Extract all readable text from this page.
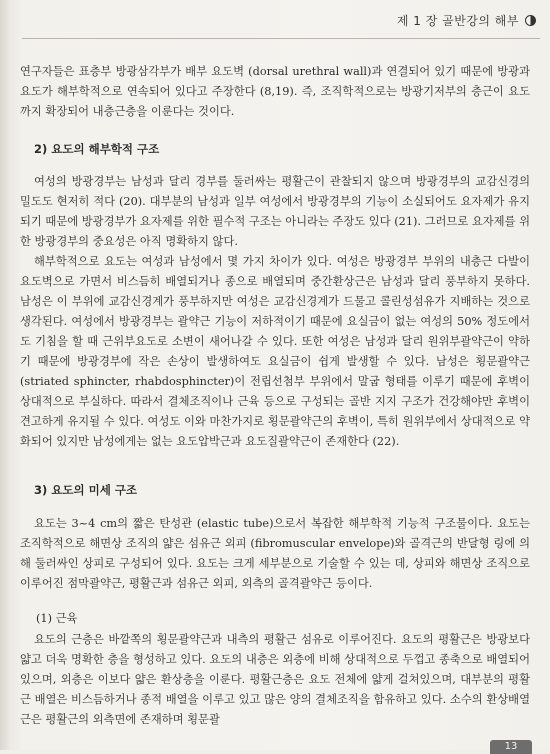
제 1 장 골반강의 해부

연구자들은 표층부 방광삼각부가 배부 요도벽 (dorsal urethral wall)과 연결되어 있기 때문에 방광과 요도가 해부학적으로 연속되어 있다고 주장한다 (8,19). 즉, 조직학적으로는 방광기저부의 층근이 요도까지 확장되어 내층근층을 이룬다는 것이다.

2) 요도의 해부학적 구조

여성의 방광경부는 남성과 달리 경부를 둘러싸는 평활근이 관찰되지 않으며 방광경부의 교감신경의 밀도도 현저히 적다 (20). 대부분의 남성과 일부 여성에서 방광경부의 기능이 소실되어도 요자제가 유지되기 때문에 방광경부가 요자제를 위한 필수적 구조는 아니라는 주장도 있다 (21). 그러므로 요자제를 위한 방광경부의 중요성은 아직 명확하지 않다.

해부학적으로 요도는 여성과 남성에서 몇 가지 차이가 있다. 여성은 방광경부 부위의 내층근 다발이 요도벽으로 가면서 비스듬히 배열되거나 종으로 배열되며 중간환상근은 남성과 달리 풍부하지 못하다. 남성은 이 부위에 교감신경계가 풍부하지만 여성은 교감신경계가 드물고 콜린성섬유가 지배하는 것으로 생각된다. 여성에서 방광경부는 괄약근 기능이 저하적이기 때문에 요실금이 없는 여성의 50% 정도에서도 기침을 할 때 근위부요도로 소변이 새어나갈 수 있다. 또한 여성은 남성과 달리 원위부괄약근이 약하기 때문에 방광경부에 작은 손상이 발생하여도 요실금이 쉽게 발생할 수 있다. 남성은 횡문괄약근 (striated sphincter, rhabdosphincter)이 전립선첨부 부위에서 말굽 형태를 이루기 때문에 후벽이 상대적으로 부실하다. 따라서 결체조직이나 근육 등으로 구성되는 골반 지지 구조가 건강해야만 후벽이 견고하게 유지될 수 있다. 여성도 이와 마찬가지로 횡문괄약근의 후벽이, 특히 원위부에서 상대적으로 약화되어 있지만 남성에게는 없는 요도압박근과 요도질괄약근이 존재한다 (22).

3) 요도의 미세 구조

요도는 3~4 cm의 짧은 탄성관 (elastic tube)으로서 복잡한 해부학적 기능적 구조물이다. 요도는 조직학적으로 해면상 조직의 얇은 섬유근 외피 (fibromuscular envelope)와 골격근의 반달형 링에 의해 둘러싸인 상피로 구성되어 있다. 요도는 크게 세부분으로 기술할 수 있는 데, 상피와 해면상 조직으로 이루어진 점막괄약근, 평활근과 섬유근 외피, 외측의 골격괄약근 등이다.

(1) 근육

요도의 근층은 바깥쪽의 횡문괄약근과 내측의 평활근 섬유로 이루어진다. 요도의 평활근은 방광보다 얇고 더욱 명확한 층을 형성하고 있다. 요도의 내층은 외층에 비해 상대적으로 두껍고 종축으로 배열되어 있으며, 외층은 이보다 얇은 환상층을 이룬다. 평활근층은 요도 전체에 얇게 걸쳐있으며, 대부분의 평활근 배열은 비스듬하거나 종적 배열을 이루고 있고 많은 양의 결체조직을 함유하고 있다. 소수의 환상배열근은 평활근의 외측면에 존재하며 횡문괄

13
